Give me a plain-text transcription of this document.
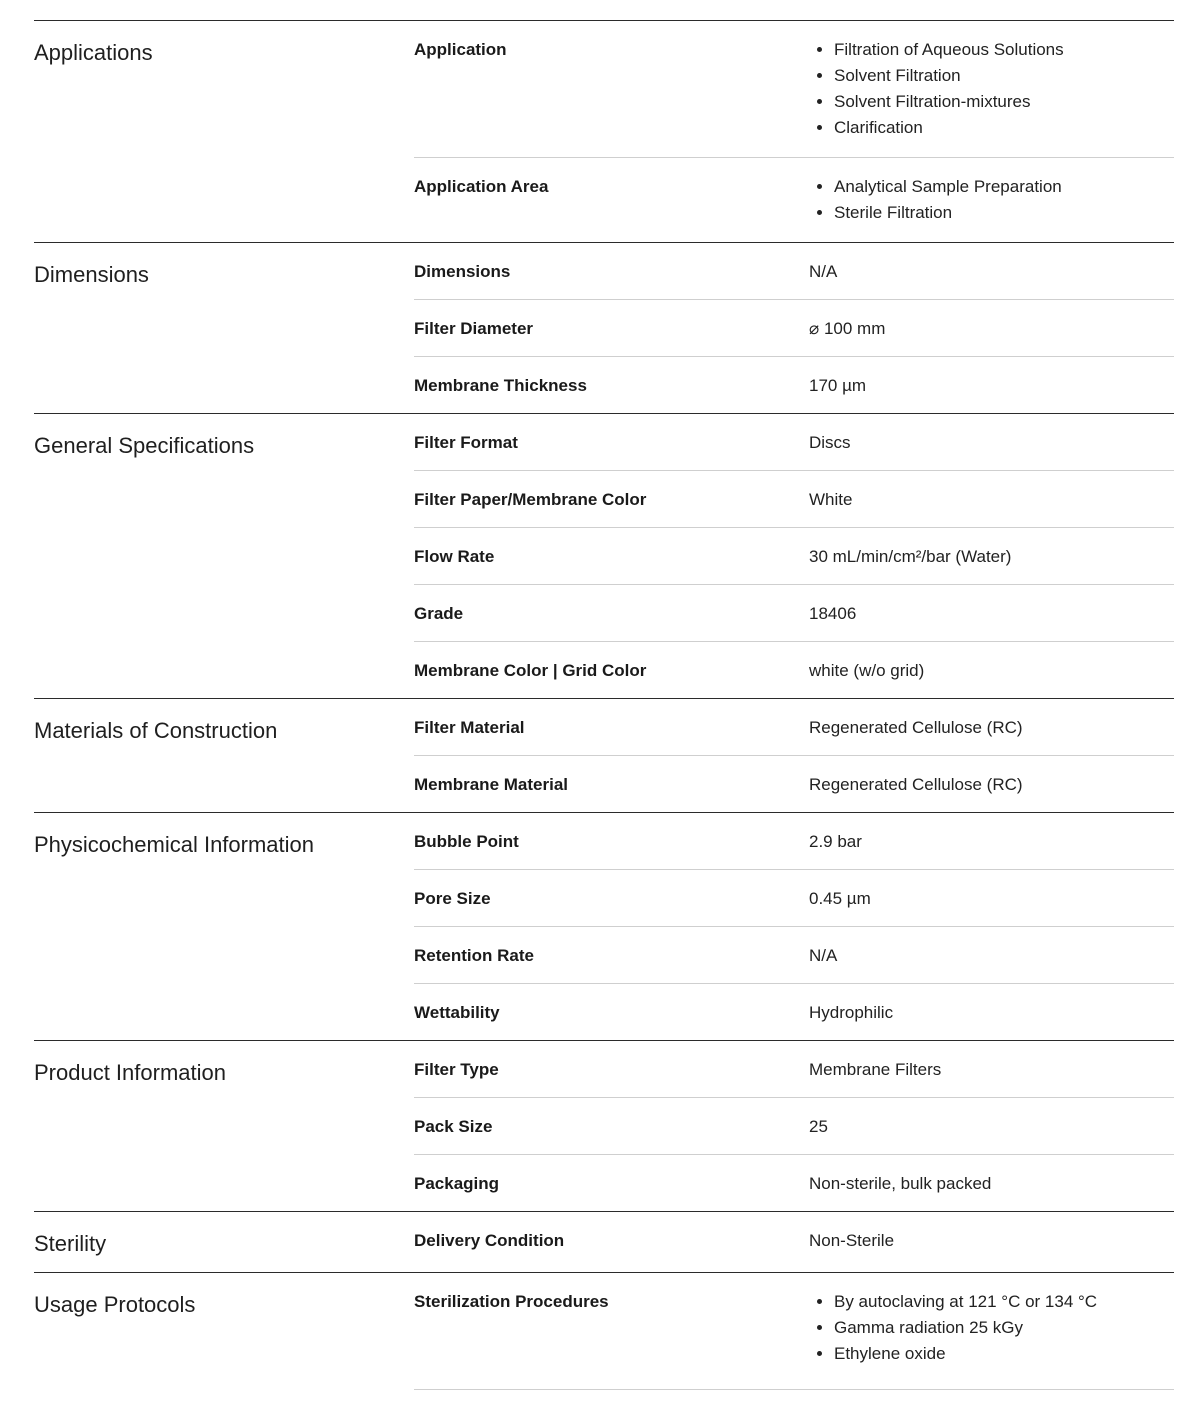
Applications	Application	• Filtration of Aqueous Solutions
• Solvent Filtration
• Solvent Filtration-mixtures
• Clarification
Application Area	• Analytical Sample Preparation
• Sterile Filtration
Dimensions	Dimensions	N/A
Filter Diameter	⌀ 100 mm
Membrane Thickness	170 µm
General Specifications	Filter Format	Discs
Filter Paper/Membrane Color	White
Flow Rate	30 mL/min/cm²/bar (Water)
Grade	18406
Membrane Color | Grid Color	white (w/o grid)
Materials of Construction	Filter Material	Regenerated Cellulose (RC)
Membrane Material	Regenerated Cellulose (RC)
Physicochemical Information	Bubble Point	2.9 bar
Pore Size	0.45 µm
Retention Rate	N/A
Wettability	Hydrophilic
Product Information	Filter Type	Membrane Filters
Pack Size	25
Packaging	Non-sterile, bulk packed
Sterility	Delivery Condition	Non-Sterile
Usage Protocols	Sterilization Procedures	• By autoclaving at 121 °C or 134 °C
• Gamma radiation 25 kGy
• Ethylene oxide
